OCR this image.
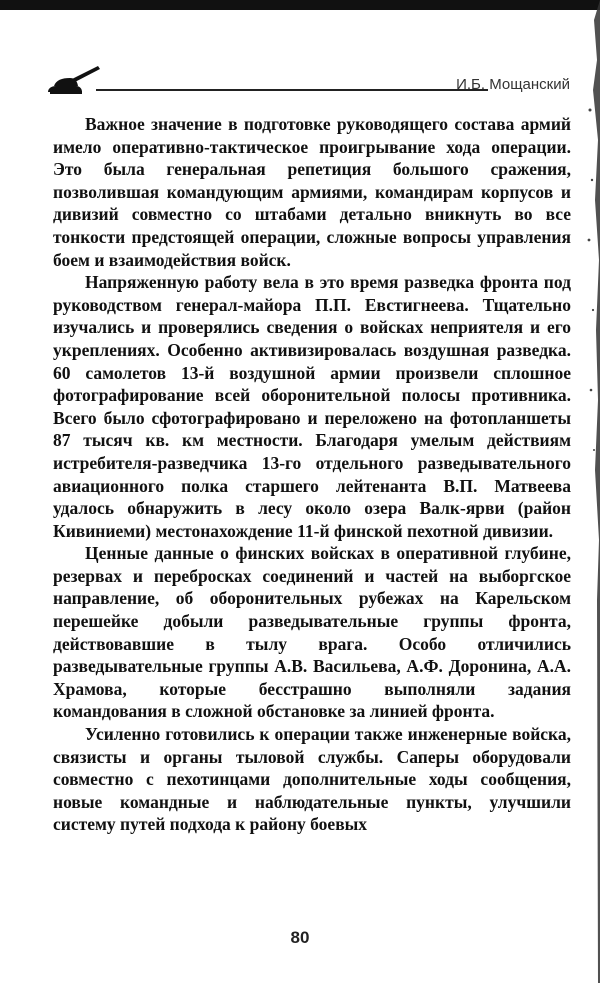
И.Б. Мощанский

Важное значение в подготовке руководящего состава армий имело оперативно-тактическое проигрывание хода операции. Это была генеральная репетиция большого сражения, позволившая командующим армиями, командирам корпусов и дивизий совместно со штабами детально вникнуть во все тонкости предстоящей операции, сложные вопросы управления боем и взаимодействия войск.

Напряженную работу вела в это время разведка фронта под руководством генерал-майора П.П. Евстигнеева. Тщательно изучались и проверялись сведения о войсках неприятеля и его укреплениях. Особенно активизировалась воздушная разведка. 60 самолетов 13-й воздушной армии произвели сплошное фотографирование всей оборонительной полосы противника. Всего было сфотографировано и переложено на фотопланшеты 87 тысяч кв. км местности. Благодаря умелым действиям истребителя-разведчика 13-го отдельного разведывательного авиационного полка старшего лейтенанта В.П. Матвеева удалось обнаружить в лесу около озера Валк-ярви (район Кивиниеми) местонахождение 11-й финской пехотной дивизии.

Ценные данные о финских войсках в оперативной глубине, резервах и перебросках соединений и частей на выборгское направление, об оборонительных рубежах на Карельском перешейке добыли разведывательные группы фронта, действовавшие в тылу врага. Особо отличились разведывательные группы А.В. Васильева, А.Ф. Доронина, А.А. Храмова, которые бесстрашно выполняли задания командования в сложной обстановке за линией фронта.

Усиленно готовились к операции также инженерные войска, связисты и органы тыловой службы. Саперы оборудовали совместно с пехотинцами дополнительные ходы сообщения, новые командные и наблюдательные пункты, улучшили систему путей подхода к району боевых

80
